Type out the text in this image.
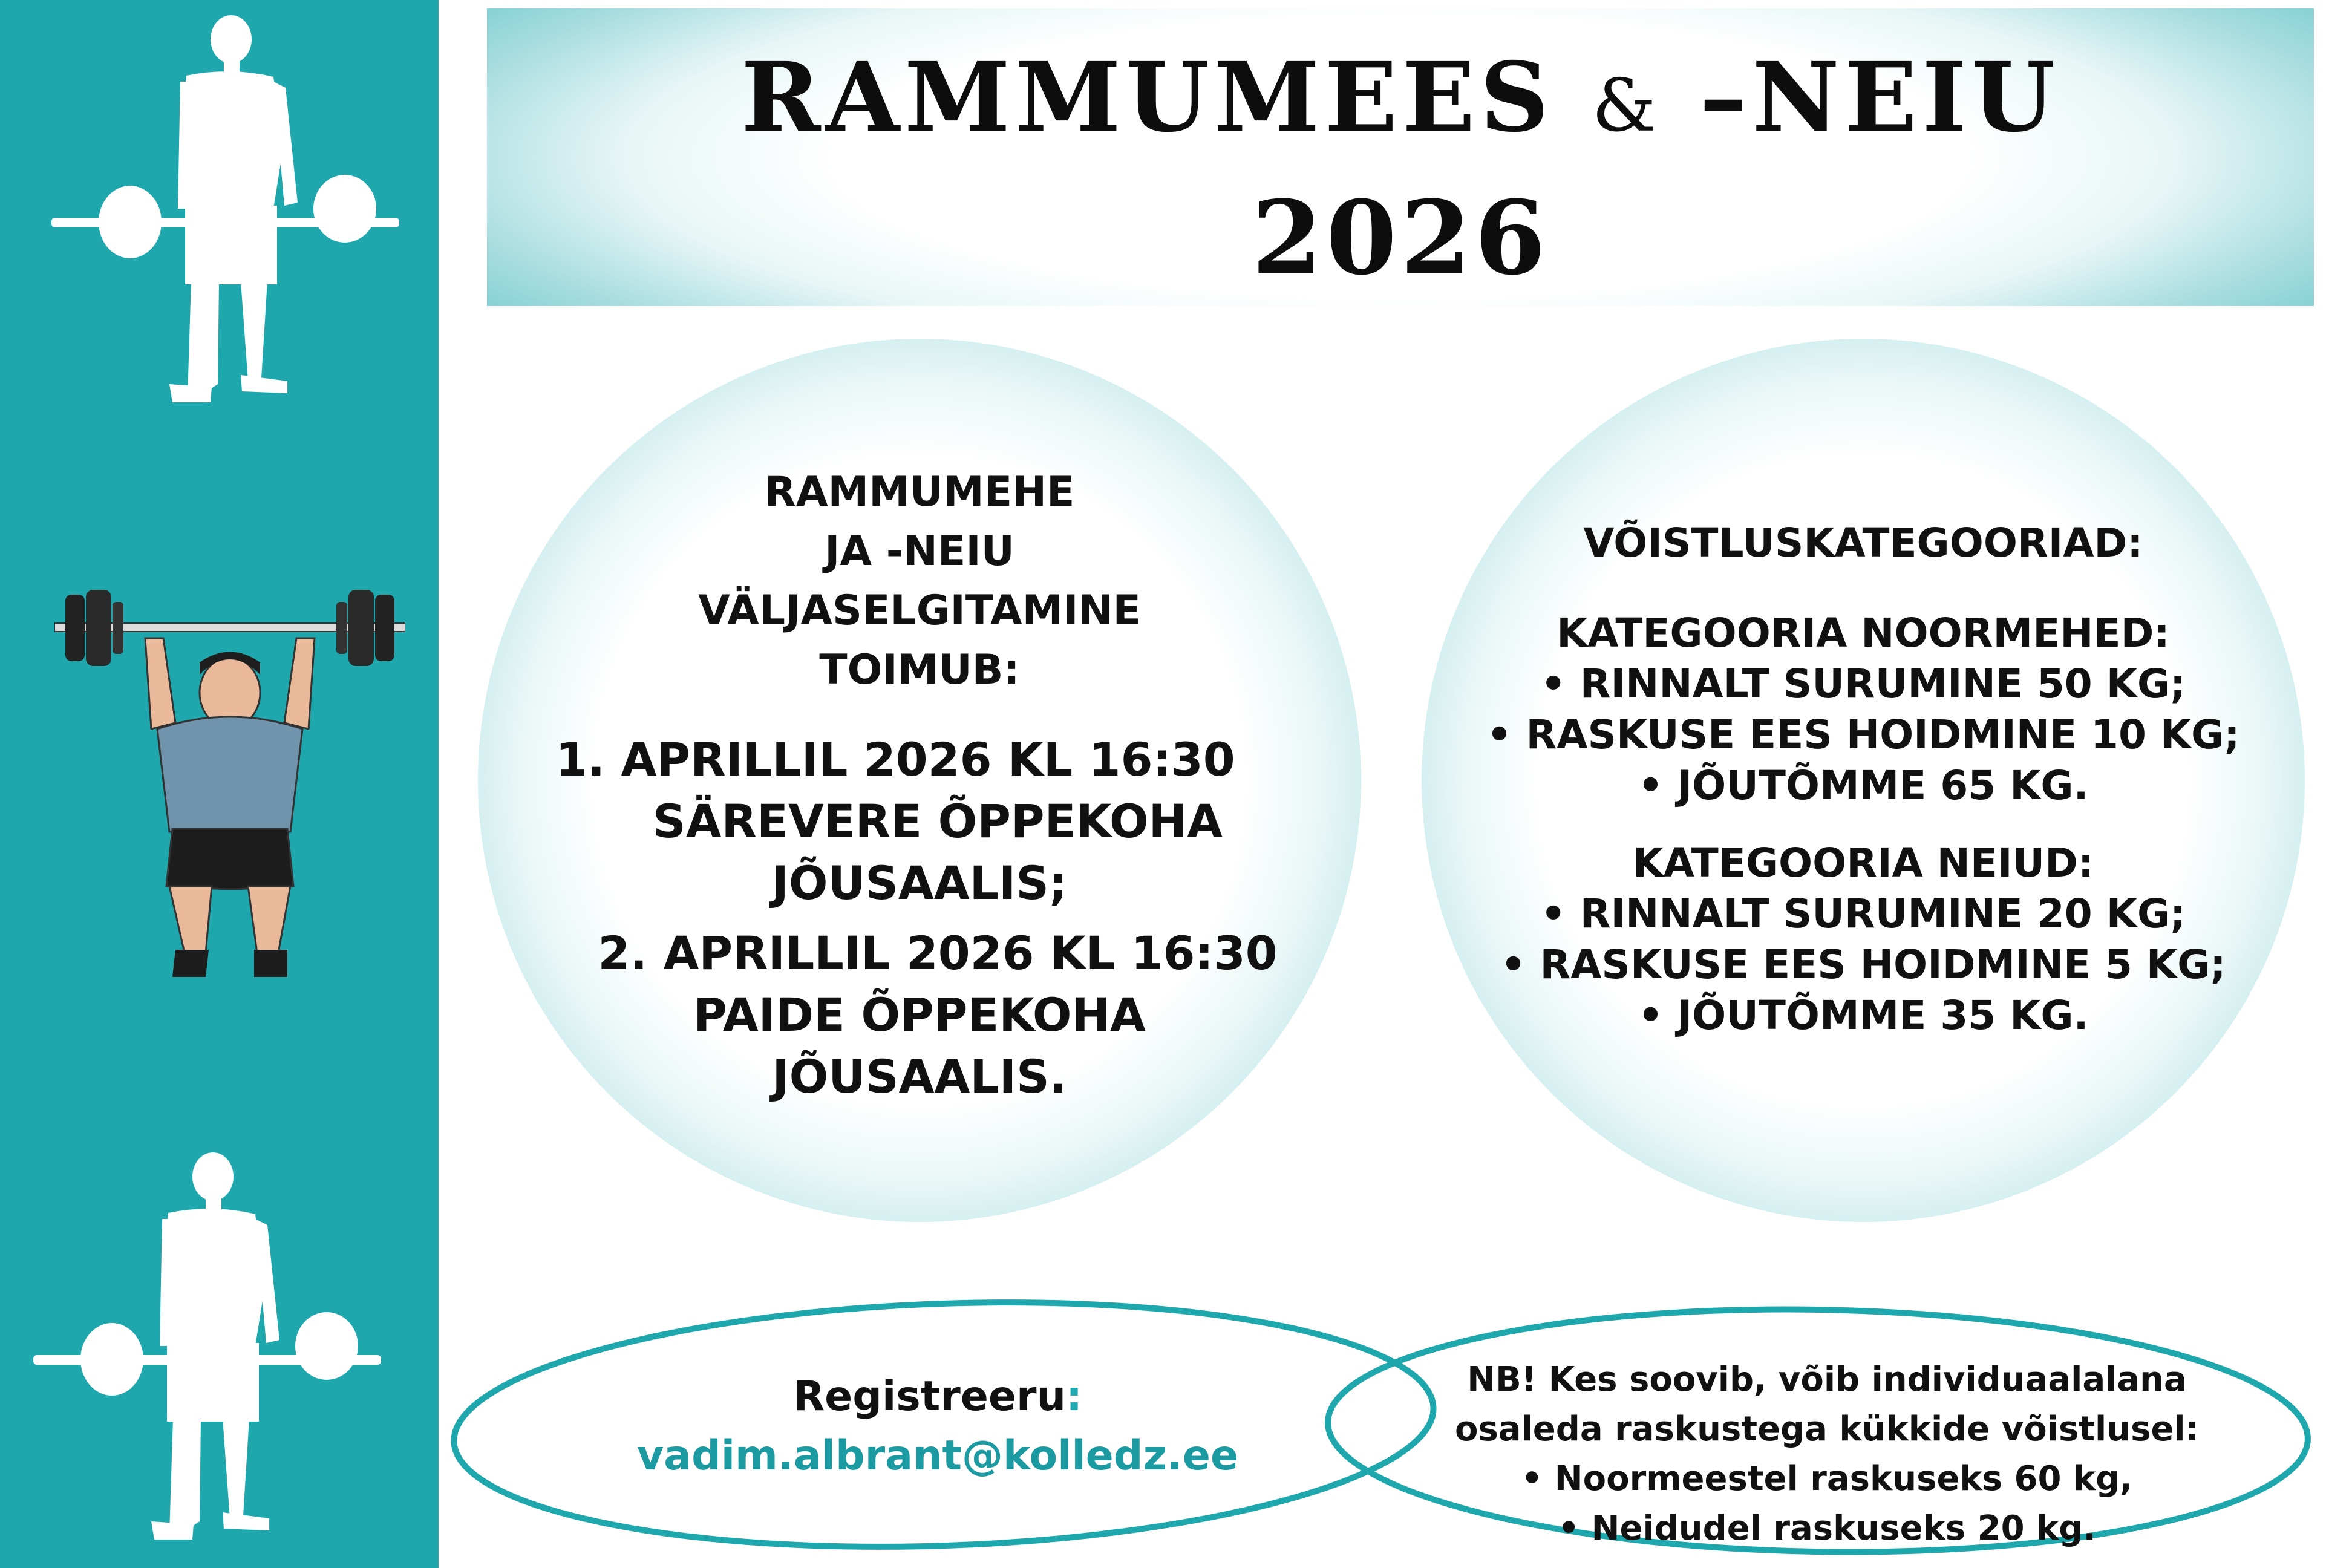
RAMMUMEES & –NEIU
2026
RAMMUMEHE
JA -NEIU
VÄLJASELGITAMINE
TOIMUB:
1. APRILLIL 2026 KL 16:30
SÄREVERE ÕPPEKOHA
JÕUSAALIS;
2. APRILLIL 2026 KL 16:30
PAIDE ÕPPEKOHA
JÕUSAALIS.
VÕISTLUSKATEGOORIAD:
KATEGOORIA NOORMEHED:
• RINNALT SURUMINE 50 KG;
• RASKUSE EES HOIDMINE 10 KG;
• JÕUTÕMME 65 KG.
KATEGOORIA NEIUD:
• RINNALT SURUMINE 20 KG;
• RASKUSE EES HOIDMINE 5 KG;
• JÕUTÕMME 35 KG.
Registreeru:
vadim.albrant@kolledz.ee
NB! Kes soovib, võib individuaalalana
osaleda raskustega kükkide võistlusel:
• Noormeestel raskuseks 60 kg,
• Neidudel raskuseks 20 kg.
